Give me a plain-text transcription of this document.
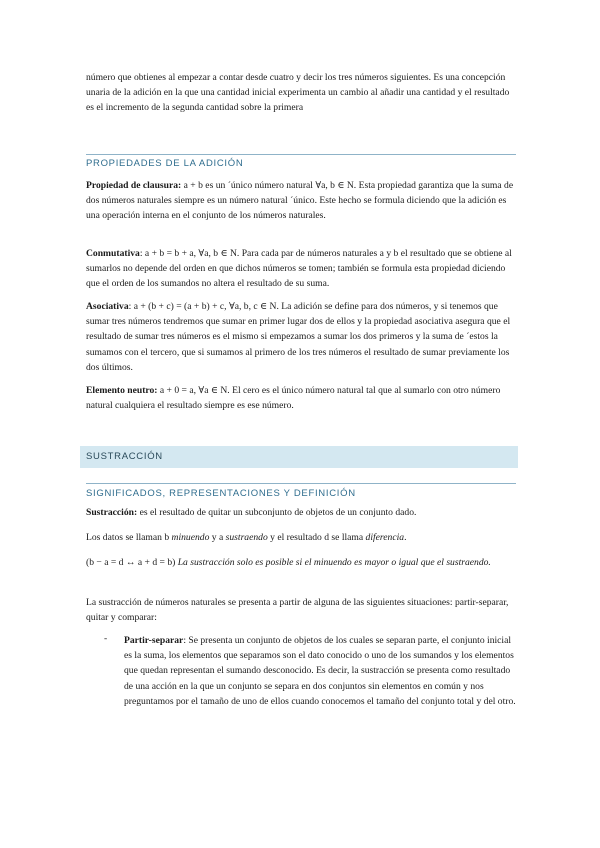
número que obtienes al empezar a contar desde cuatro y decir los tres números siguientes. Es una concepción unaria de la adición en la que una cantidad inicial experimenta un cambio al añadir una cantidad y el resultado es el incremento de la segunda cantidad sobre la primera

PROPIEDADES DE LA ADICIÓN

Propiedad de clausura: a + b es un ´único número natural ∀a, b ∈ N. Esta propiedad garantiza que la suma de dos números naturales siempre es un número natural ´único. Este hecho se formula diciendo que la adición es una operación interna en el conjunto de los números naturales.

Conmutativa: a + b = b + a, ∀a, b ∈ N. Para cada par de números naturales a y b el resultado que se obtiene al sumarlos no depende del orden en que dichos números se tomen; también se formula esta propiedad diciendo que el orden de los sumandos no altera el resultado de su suma.

Asociativa: a + (b + c) = (a + b) + c, ∀a, b, c ∈ N. La adición se define para dos números, y si tenemos que sumar tres números tendremos que sumar en primer lugar dos de ellos y la propiedad asociativa asegura que el resultado de sumar tres números es el mismo si empezamos a sumar los dos primeros y la suma de ´estos la sumamos con el tercero, que si sumamos al primero de los tres números el resultado de sumar previamente los dos últimos.

Elemento neutro: a + 0 = a, ∀a ∈ N. El cero es el único número natural tal que al sumarlo con otro número natural cualquiera el resultado siempre es ese número.

SIGNIFICADOS, REPRESENTACIONES Y DEFINICIÓN

Sustracción: es el resultado de quitar un subconjunto de objetos de un conjunto dado.

Los datos se llaman b minuendo y a sustraendo y el resultado d se llama diferencia.

(b − a = d ↔ a + d = b) La sustracción solo es posible si el minuendo es mayor o igual que el sustraendo.

La sustracción de números naturales se presenta a partir de alguna de las siguientes situaciones: partir-separar, quitar y comparar:

- Partir-separar: Se presenta un conjunto de objetos de los cuales se separan parte, el conjunto inicial es la suma, los elementos que separamos son el dato conocido o uno de los sumandos y los elementos que quedan representan el sumando desconocido. Es decir, la sustracción se presenta como resultado de una acción en la que un conjunto se separa en dos conjuntos sin elementos en común y nos preguntamos por el tamaño de uno de ellos cuando conocemos el tamaño del conjunto total y del otro.

SUSTRACCIÓN
